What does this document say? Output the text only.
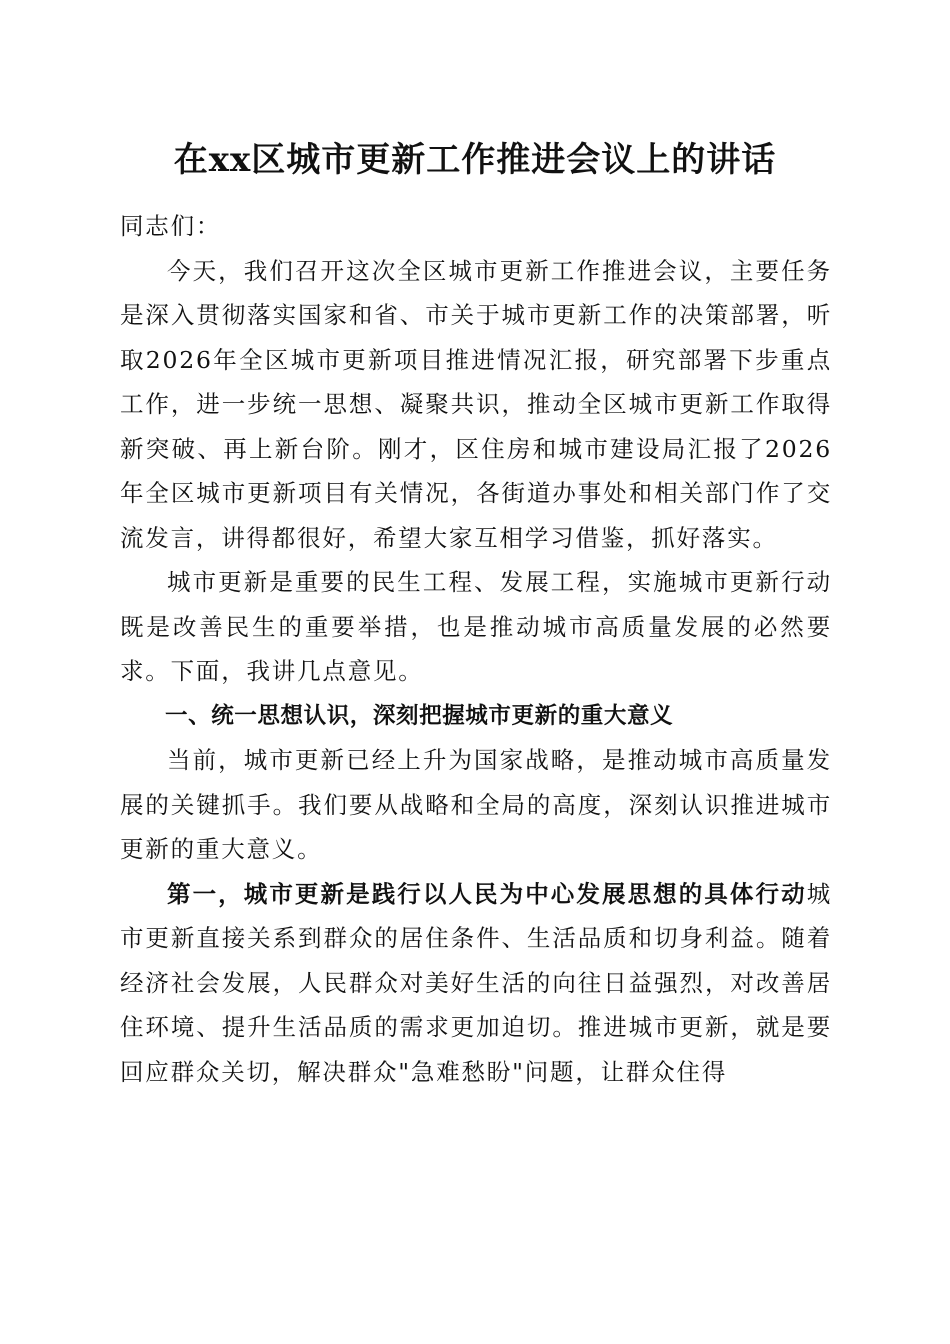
在xx区城市更新工作推进会议上的讲话

同志们：

今天，我们召开这次全区城市更新工作推进会议，主要任务是深入贯彻落实国家和省、市关于城市更新工作的决策部署，听取2026年全区城市更新项目推进情况汇报，研究部署下步重点工作，进一步统一思想、凝聚共识，推动全区城市更新工作取得新突破、再上新台阶。刚才，区住房和城市建设局汇报了2026年全区城市更新项目有关情况，各街道办事处和相关部门作了交流发言，讲得都很好，希望大家互相学习借鉴，抓好落实。

城市更新是重要的民生工程、发展工程，实施城市更新行动既是改善民生的重要举措，也是推动城市高质量发展的必然要求。下面，我讲几点意见。

一、统一思想认识，深刻把握城市更新的重大意义

当前，城市更新已经上升为国家战略，是推动城市高质量发展的关键抓手。我们要从战略和全局的高度，深刻认识推进城市更新的重大意义。

第一，城市更新是践行以人民为中心发展思想的具体行动城市更新直接关系到群众的居住条件、生活品质和切身利益。随着经济社会发展，人民群众对美好生活的向往日益强烈，对改善居住环境、提升生活品质的需求更加迫切。推进城市更新，就是要回应群众关切，解决群众"急难愁盼"问题，让群众住得
